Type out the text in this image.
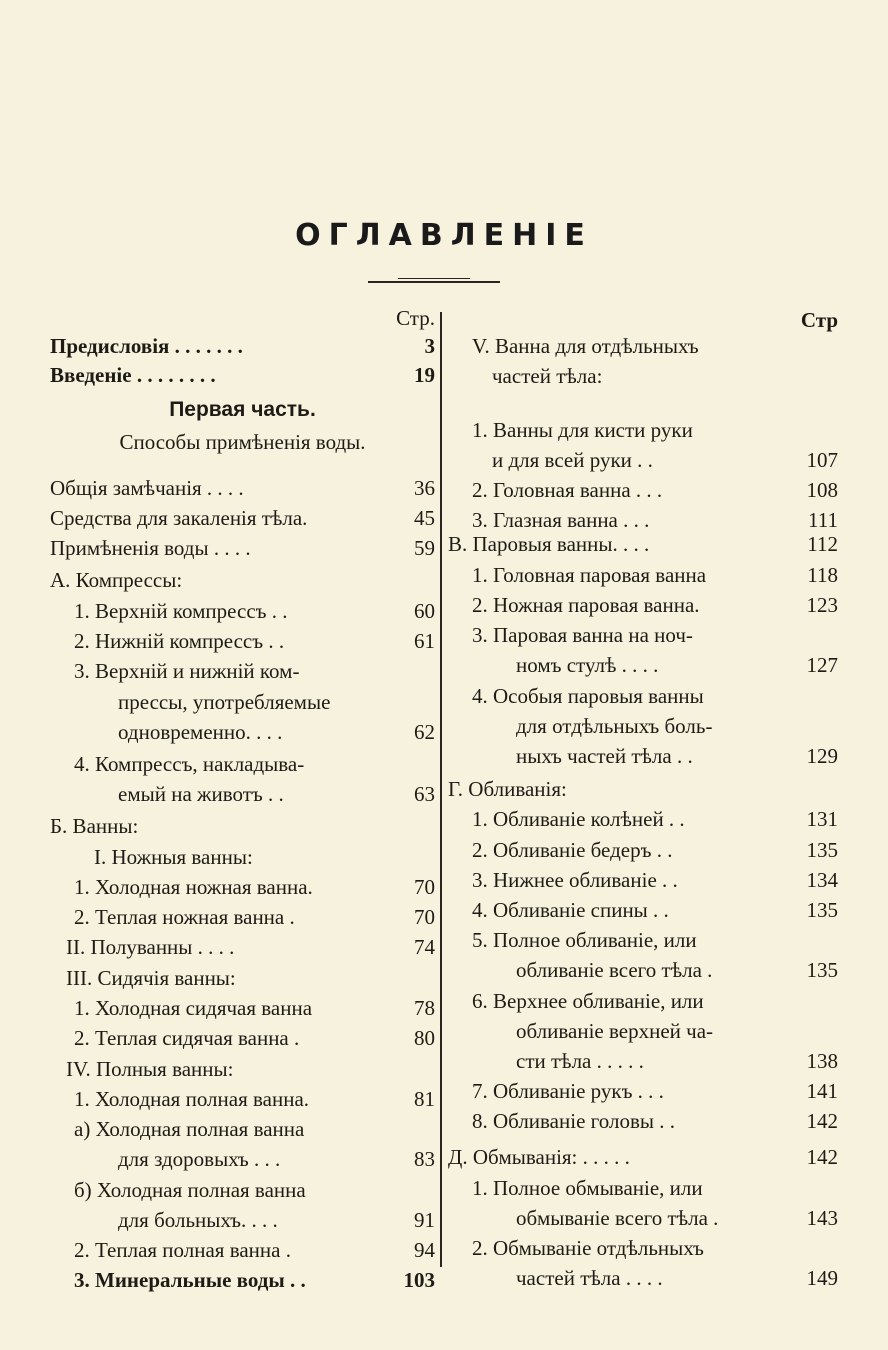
ОГЛАВЛЕНІЕ
Стр.
Предисловія . . . . . . .	3
Введеніе . . . . . . . .	19
Первая часть.
Способы примѣненія воды.
Общія замѣчанія . . . .	36
Средства для закаленія тѣла.	45
Примѣненія воды . . . .	59
А. Компрессы:
1. Верхній компрессъ . .	60
2. Нижній компрессъ . .	61
3. Верхній и нижній ком-
прессы, употребляемые
одновременно. . . .	62
4. Компрессъ, накладыва-
емый на животъ . .	63
Б. Ванны:
I. Ножныя ванны:
1. Холодная ножная ванна.	70
2. Теплая ножная ванна .	70
II. Полуванны . . . .	74
III. Сидячія ванны:
1. Холодная сидячая ванна	78
2. Теплая сидячая ванна .	80
IV. Полныя ванны:
1. Холодная полная ванна.	81
а) Холодная полная ванна
для здоровыхъ . . .	83
б) Холодная полная ванна
для больныхъ. . . .	91
2. Теплая полная ванна .	94
3. Минеральные воды . .	103
Стр
V. Ванна для отдѣльныхъ
частей тѣла:
1. Ванны для кисти руки
и для всей руки . .	107
2. Головная ванна . . .	108
3. Глазная ванна . . .	111
В. Паровыя ванны. . . .	112
1. Головная паровая ванна	118
2. Ножная паровая ванна.	123
3. Паровая ванна на ноч-
номъ стулѣ . . . .	127
4. Особыя паровыя ванны
для отдѣльныхъ боль-
ныхъ частей тѣла . .	129
Г. Обливанія:
1. Обливаніе колѣней . .	131
2. Обливаніе бедеръ . .	135
3. Нижнее обливаніе . .	134
4. Обливаніе спины . .	135
5. Полное обливаніе, или
обливаніе всего тѣла .	135
6. Верхнее обливаніе, или
обливаніе верхней ча-
сти тѣла . . . . .	138
7. Обливаніе рукъ . . .	141
8. Обливаніе головы . .	142
Д. Обмыванія: . . . . .	142
1. Полное обмываніе, или
обмываніе всего тѣла .	143
2. Обмываніе отдѣльныхъ
частей тѣла . . . .	149
